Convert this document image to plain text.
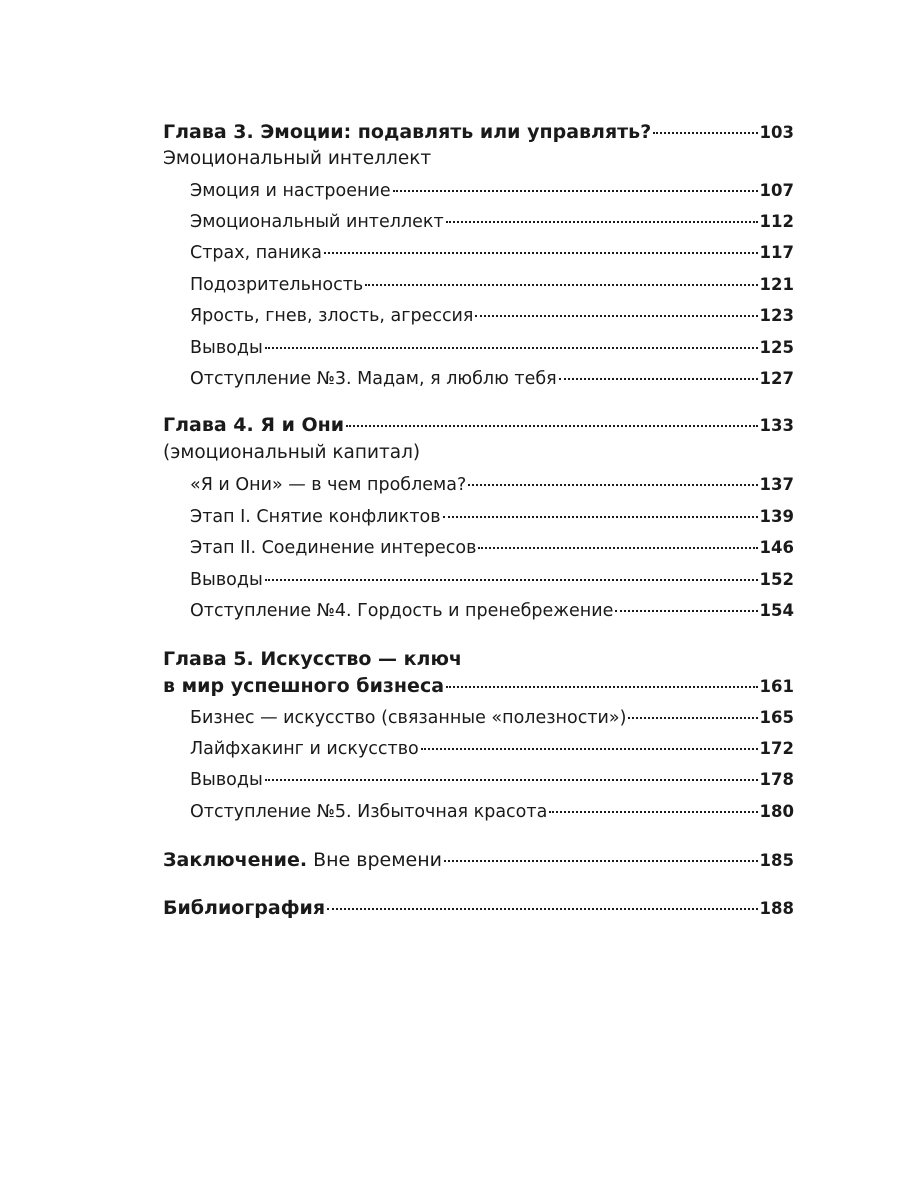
Глава 3. Эмоции: подавлять или управлять?	103
Эмоциональный интеллект
Эмоция и настроение	107
Эмоциональный интеллект	112
Страх, паника	117
Подозрительность	121
Ярость, гнев, злость, агрессия	123
Выводы	125
Отступление №3. Мадам, я люблю тебя	127
Глава 4. Я и Они	133
(эмоциональный капитал)
«Я и Они» — в чем проблема?	137
Этап I. Снятие конфликтов	139
Этап II. Соединение интересов	146
Выводы	152
Отступление №4. Гордость и пренебрежение	154
Глава 5. Искусство — ключ
в мир успешного бизнеса	161
Бизнес — искусство (связанные «полезности»)	165
Лайфхакинг и искусство	172
Выводы	178
Отступление №5. Избыточная красота	180
Заключение. Вне времени	185
Библиография	188
